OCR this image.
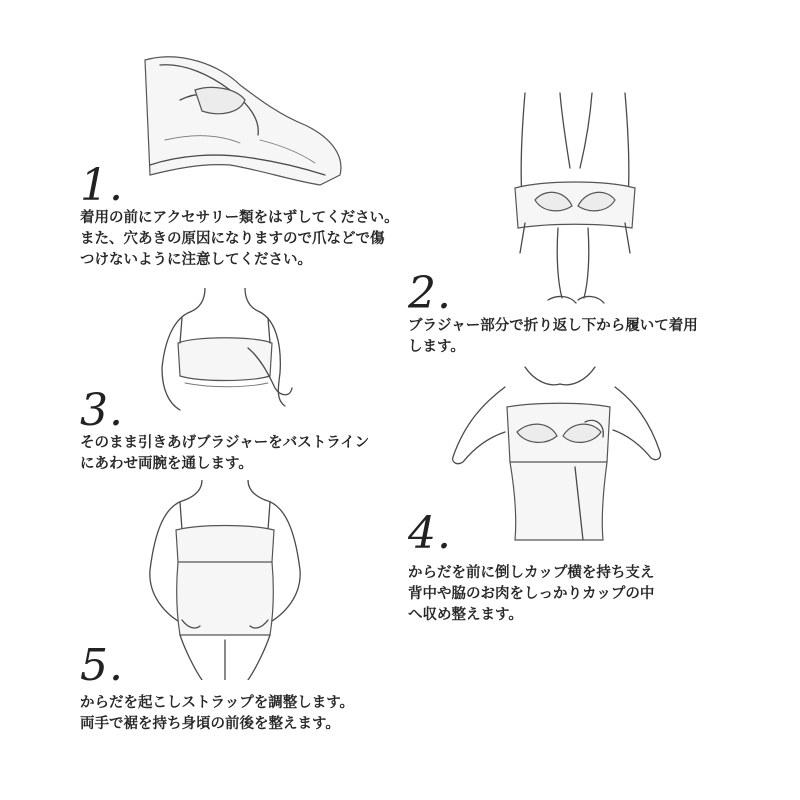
1.
着用の前にアクセサリー類をはずしてください。
また、穴あきの原因になりますので爪などで傷
つけないように注意してください。
2.
ブラジャー部分で折り返し下から履いて着用
します。
3.
そのまま引きあげブラジャーをバストライン
にあわせ両腕を通します。
4.
からだを前に倒しカップ横を持ち支え
背中や脇のお肉をしっかりカップの中
へ収め整えます。
5.
からだを起こしストラップを調整します。
両手で裾を持ち身頃の前後を整えます。
